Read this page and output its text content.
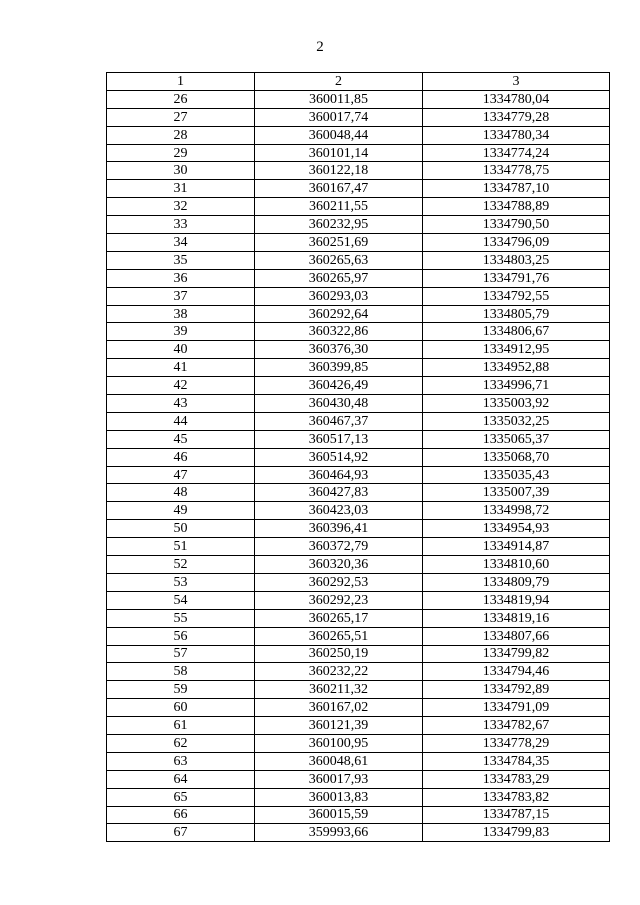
2
1	2	3
26	360011,85	1334780,04
27	360017,74	1334779,28
28	360048,44	1334780,34
29	360101,14	1334774,24
30	360122,18	1334778,75
31	360167,47	1334787,10
32	360211,55	1334788,89
33	360232,95	1334790,50
34	360251,69	1334796,09
35	360265,63	1334803,25
36	360265,97	1334791,76
37	360293,03	1334792,55
38	360292,64	1334805,79
39	360322,86	1334806,67
40	360376,30	1334912,95
41	360399,85	1334952,88
42	360426,49	1334996,71
43	360430,48	1335003,92
44	360467,37	1335032,25
45	360517,13	1335065,37
46	360514,92	1335068,70
47	360464,93	1335035,43
48	360427,83	1335007,39
49	360423,03	1334998,72
50	360396,41	1334954,93
51	360372,79	1334914,87
52	360320,36	1334810,60
53	360292,53	1334809,79
54	360292,23	1334819,94
55	360265,17	1334819,16
56	360265,51	1334807,66
57	360250,19	1334799,82
58	360232,22	1334794,46
59	360211,32	1334792,89
60	360167,02	1334791,09
61	360121,39	1334782,67
62	360100,95	1334778,29
63	360048,61	1334784,35
64	360017,93	1334783,29
65	360013,83	1334783,82
66	360015,59	1334787,15
67	359993,66	1334799,83
